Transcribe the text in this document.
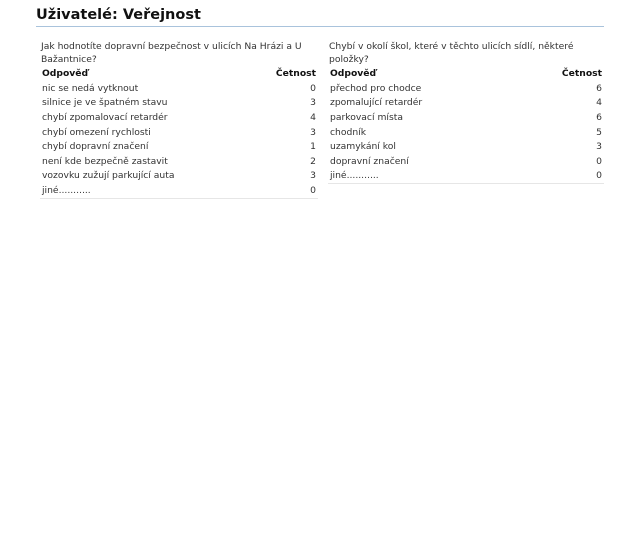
Uživatelé: Veřejnost
Jak hodnotíte dopravní bezpečnost v ulicích Na Hrázi a U Bažantnice?
Odpověď	Četnost
nic se nedá vytknout	0
silnice je ve špatném stavu	3
chybí zpomalovací retardér	4
chybí omezení rychlosti	3
chybí dopravní značení	1
není kde bezpečně zastavit	2
vozovku zužují parkující auta	3
jiné...........	0
Chybí v okolí škol, které v těchto ulicích sídlí, některé položky?
Odpověď	Četnost
přechod pro chodce	6
zpomalující retardér	4
parkovací místa	6
chodník	5
uzamykání kol	3
dopravní značení	0
jiné...........	0
